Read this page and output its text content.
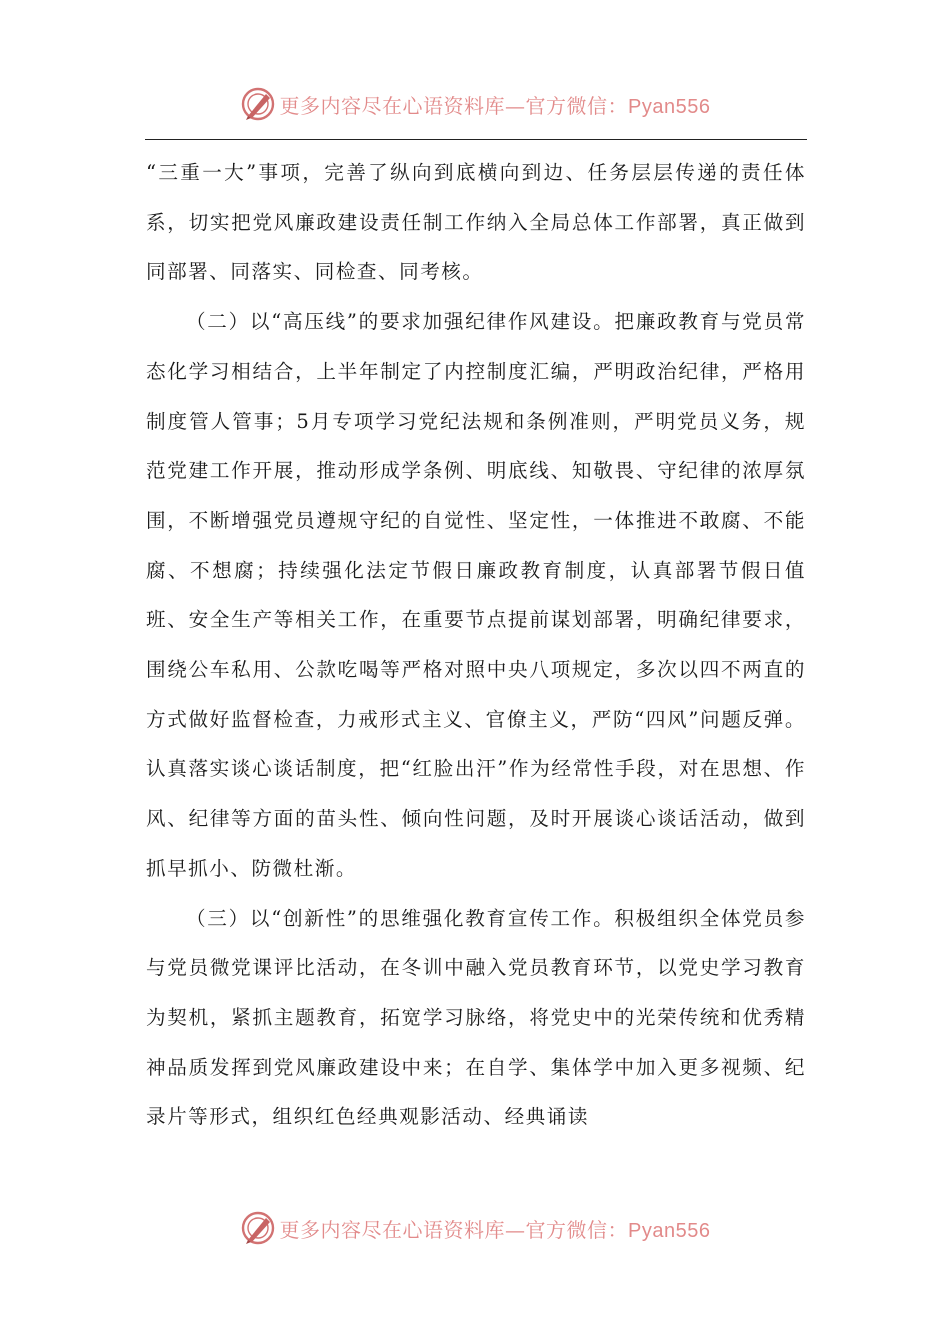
更多内容尽在心语资料库—官方微信：Pyan556

“三重一大”事项，完善了纵向到底横向到边、任务层层传递的责任体系，切实把党风廉政建设责任制工作纳入全局总体工作部署，真正做到同部署、同落实、同检查、同考核。

（二）以“高压线”的要求加强纪律作风建设。把廉政教育与党员常态化学习相结合，上半年制定了内控制度汇编，严明政治纪律，严格用制度管人管事；5月专项学习党纪法规和条例准则，严明党员义务，规范党建工作开展，推动形成学条例、明底线、知敬畏、守纪律的浓厚氛围，不断增强党员遵规守纪的自觉性、坚定性，一体推进不敢腐、不能腐、不想腐；持续强化法定节假日廉政教育制度，认真部署节假日值班、安全生产等相关工作，在重要节点提前谋划部署，明确纪律要求，围绕公车私用、公款吃喝等严格对照中央八项规定，多次以四不两直的方式做好监督检查，力戒形式主义、官僚主义，严防“四风”问题反弹。认真落实谈心谈话制度，把“红脸出汗”作为经常性手段，对在思想、作风、纪律等方面的苗头性、倾向性问题，及时开展谈心谈话活动，做到抓早抓小、防微杜渐。

（三）以“创新性”的思维强化教育宣传工作。积极组织全体党员参与党员微党课评比活动，在冬训中融入党员教育环节，以党史学习教育为契机，紧抓主题教育，拓宽学习脉络，将党史中的光荣传统和优秀精神品质发挥到党风廉政建设中来；在自学、集体学中加入更多视频、纪录片等形式，组织红色经典观影活动、经典诵读

更多内容尽在心语资料库—官方微信：Pyan556
